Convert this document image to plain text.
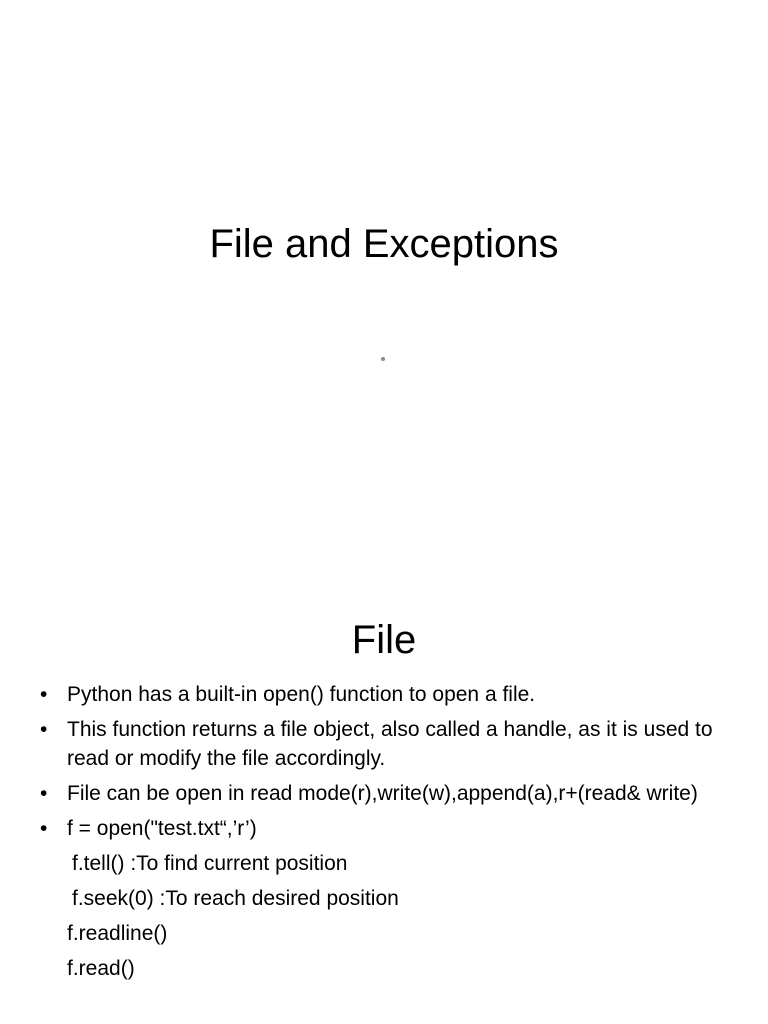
File and Exceptions
File
• Python has a built-in open() function to open a file.
• This function returns a file object, also called a handle, as it is used to read or modify the file accordingly.
• File can be open in read mode(r),write(w),append(a),r+(read& write)
• f = open("test.txt“,’r’)
f.tell() :To find current position
f.seek(0) :To reach desired position
f.readline()
f.read()
